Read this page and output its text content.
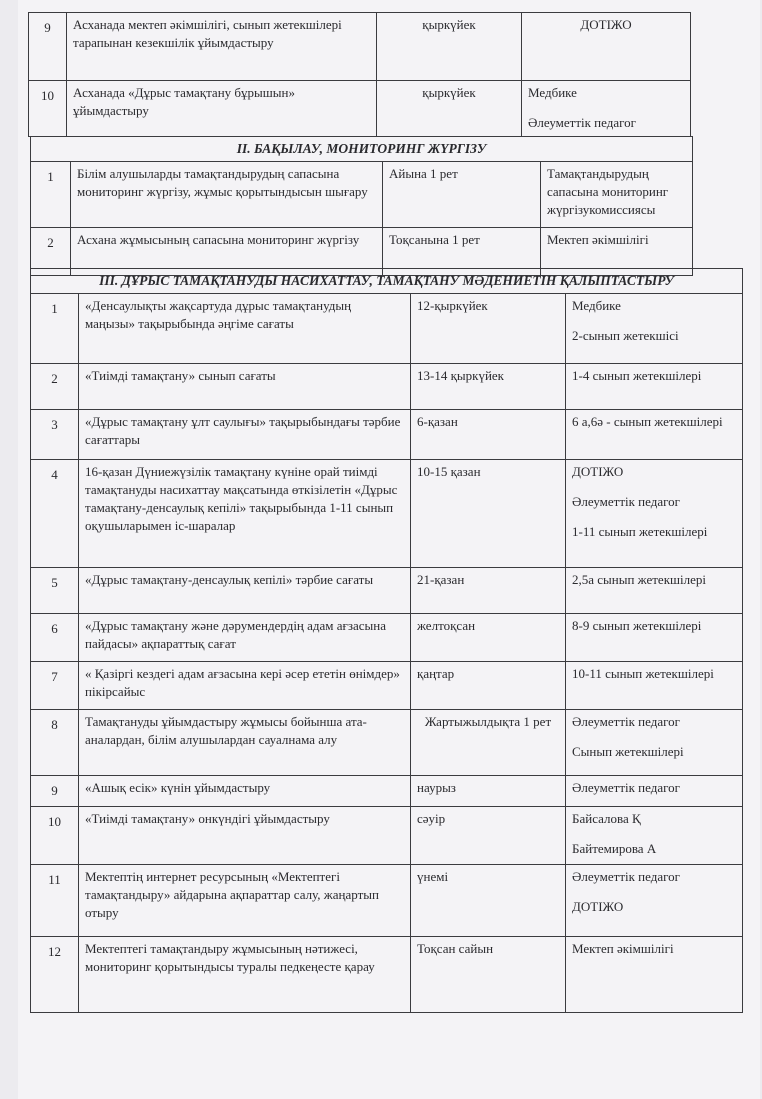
9	Асханада мектеп әкімшілігі, сынып жетекшілері тарапынан кезекшілік ұйымдастыру	қыркүйек	ДОТІЖО

10	Асханада «Дұрыс тамақтану бұрышын» ұйымдастыру	қыркүйек	Медбике
Әлеуметтік педагог
ІІ. БАҚЫЛАУ, МОНИТОРИНГ ЖҮРГІЗУ			
1	Білім алушыларды тамақтандырудың сапасына мониторинг жүргізу, жұмыс қорытындысын шығару	Айына 1 рет	Тамақтандырудың сапасына мониторинг жүргізукомиссиясы

2	Асхана жұмысының сапасына мониторинг жүргізу	Тоқсанына 1 рет	Мектеп әкімшілігі
ІІІ. ДҰРЫС ТАМАҚТАНУДЫ НАСИХАТТАУ, ТАМАҚТАНУ МӘДЕНИЕТІН ҚАЛЫПТАСТЫРУ			
1	«Денсаулықты жақсартуда дұрыс тамақтанудың маңызы» тақырыбында әңгіме сағаты	12-қыркүйек	Медбике
2-сынып жетекшісі

2	«Тиімді тамақтану» сынып сағаты	13-14 қыркүйек	1-4 сынып жетекшілері

3	«Дұрыс тамақтану ұлт саулығы» тақырыбындағы тәрбие сағаттары	6-қазан	6 а,6ә - сынып жетекшілері

4	16-қазан Дүниежүзілік тамақтану күніне орай тиімді тамақтануды насихаттау мақсатында өткізілетін «Дұрыс тамақтану-денсаулық кепілі» тақырыбында 1-11 сынып оқушыларымен іс-шаралар	10-15 қазан	ДОТІЖО
Әлеуметтік педагог
1-11 сынып жетекшілері

5	«Дұрыс тамақтану-денсаулық кепілі» тәрбие сағаты	21-қазан	2,5а сынып жетекшілері

6	«Дұрыс тамақтану және дәрумендердің адам ағзасына пайдасы» ақпараттық сағат	желтоқсан	8-9 сынып жетекшілері

7	« Қазіргі кездегі адам ағзасына кері әсер ететін өнімдер» пікірсайыс	қаңтар	10-11 сынып жетекшілері

8	Тамақтануды ұйымдастыру жұмысы бойынша ата-аналардан, білім алушылардан сауалнама алу	Жартыжылдықта 1 рет	Әлеуметтік педагог
Сынып жетекшілері

9	«Ашық есік» күнін ұйымдастыру	наурыз	Әлеуметтік педагог

10	«Тиімді тамақтану» онкүндігі ұйымдастыру	сәуір	Байсалова Қ
Байтемирова А

11	Мектептің интернет ресурсының «Мектептегі тамақтандыру» айдарына ақпараттар салу, жаңартып отыру	үнемі	Әлеуметтік педагог
ДОТІЖО

12	Мектептегі тамақтандыру жұмысының нәтижесі, мониторинг қорытындысы туралы педкеңесте қарау	Тоқсан сайын	Мектеп әкімшілігі
